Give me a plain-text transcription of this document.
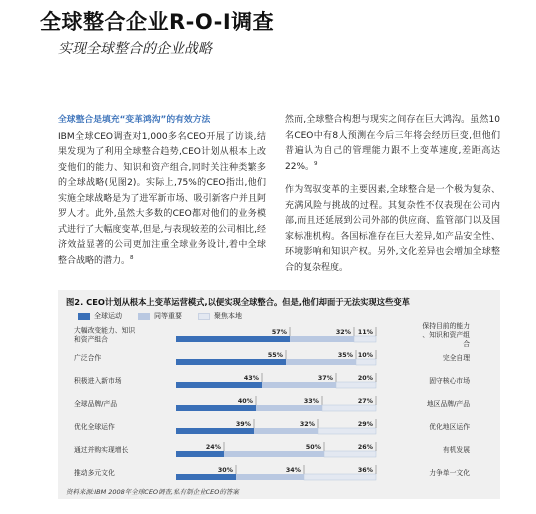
全球整合企业R-O-I调查
实现全球整合的企业战略
全球整合是填充“变革鸿沟”的有效方法

IBM全球CEO调查对1,000多名CEO开展了访谈,结果发现为了利用全球整合趋势,CEO计划从根本上改变他们的能力、知识和资产组合,同时关注种类繁多的全球战略(见图2)。实际上,75%的CEO指出,他们实施全球战略是为了进军新市场、吸引新客户并且阿罗人才。此外,虽然大多数的CEO都对他们的业务模式进行了大幅度变革,但是,与表现较差的公司相比,经济效益显著的公司更加注重全球业务设计,着中全球整合战略的潜力。$^8$

然而,全球整合构想与现实之间存在巨大鸿沟。虽然10名CEO中有8人预测在今后三年将会经历巨变,但他们普遍认为自己的管理能力跟不上变革速度,差距高达22%。$^9$

作为驾驭变革的主要因素,全球整合是一个极为复杂、充满风险与挑战的过程。其复杂性不仅表现在公司内部,而且还延展到公司外部的供应商、监管部门以及国家标准机构。各国标准存在巨大差异,如产品安全性、环境影响和知识产权。另外,文化差异也会增加全球整合的复杂程度。

图2. CEO计划从根本上变革运营模式,以便实现全球整合。但是,他们却面于无法实现这些变革
全球运动	同等重要	聚焦本地
大幅改变能力、知识
和资产组合
保持目前的能力
、知识和资产组
合
57%	32% 11%
广泛合作	完全自理
55%	35% 10%
积极进入新市场	固守核心市场
43%	37%	20%
全球品牌/产品	地区品牌/产品
40%	33%	27%
优化全球运作	优化地区运作
39%	32%	29%
通过并购实现增长	有机发展
24%	50%	26%
推动多元文化	力争单一文化
30%	34%	36%
资料来源:IBM 2008年全球CEO调查,私有制企业CEO的答案
